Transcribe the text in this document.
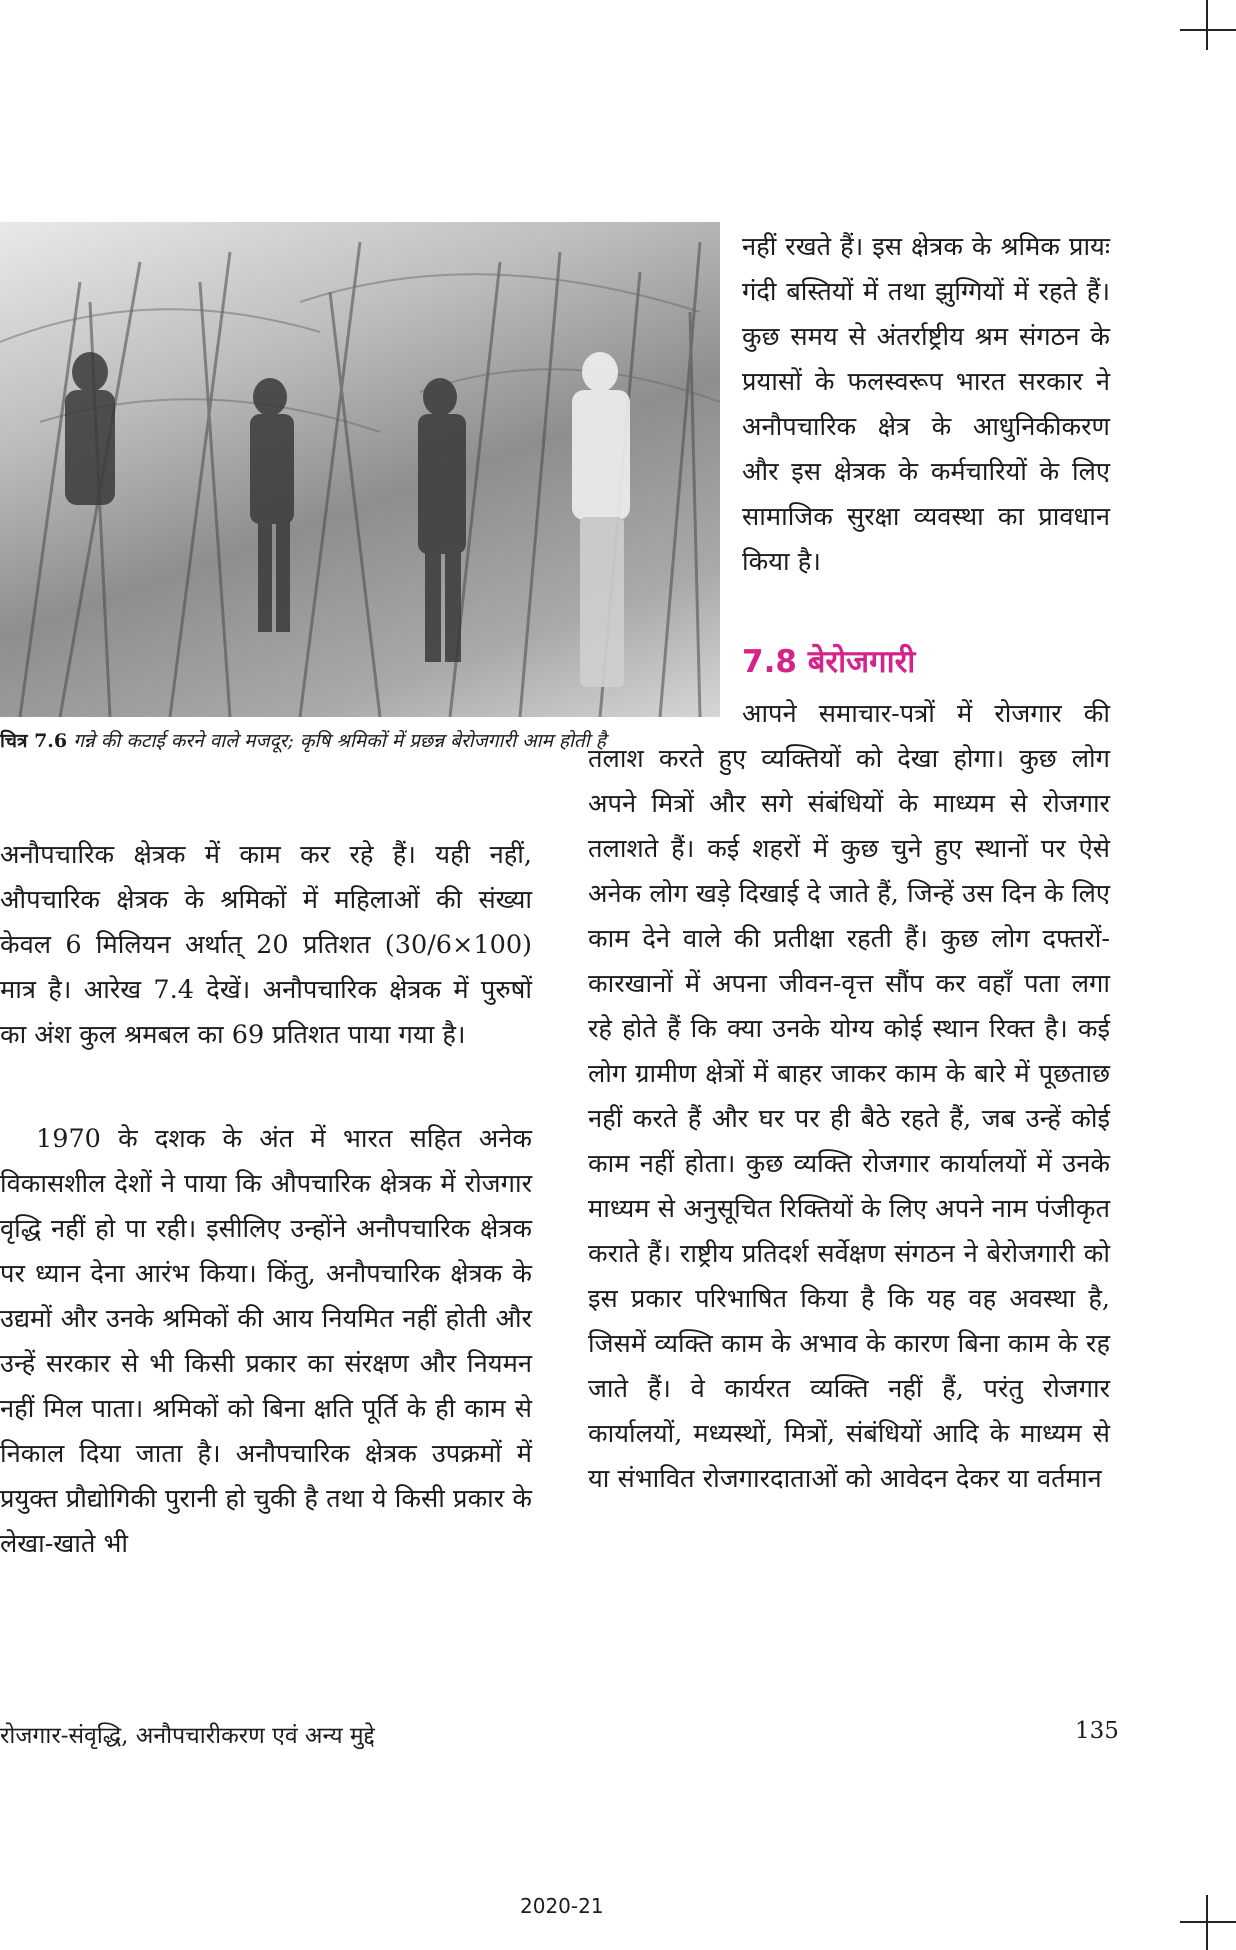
चित्र 7.6 गन्ने की कटाई करने वाले मजदूर; कृषि श्रमिकों में प्रछन्न बेरोजगारी आम होती है

नहीं रखते हैं। इस क्षेत्रक के श्रमिक प्रायः गंदी बस्तियों में तथा झुग्गियों में रहते हैं। कुछ समय से अंतर्राष्ट्रीय श्रम संगठन के प्रयासों के फलस्वरूप भारत सरकार ने अनौपचारिक क्षेत्र के आधुनिकीकरण और इस क्षेत्रक के कर्मचारियों के लिए सामाजिक सुरक्षा व्यवस्था का प्रावधान किया है।

7.8 बेरोजगारी

आपने समाचार-पत्रों में रोजगार की तलाश करते हुए व्यक्तियों को देखा होगा। कुछ लोग अपने मित्रों और सगे संबंधियों के माध्यम से रोजगार तलाशते हैं। कई शहरों में कुछ चुने हुए स्थानों पर ऐसे अनेक लोग खड़े दिखाई दे जाते हैं, जिन्हें उस दिन के लिए काम देने वाले की प्रतीक्षा रहती हैं। कुछ लोग दफ्तरों-कारखानों में अपना जीवन-वृत्त सौंप कर वहाँ पता लगा रहे होते हैं कि क्या उनके योग्य कोई स्थान रिक्त है। कई लोग ग्रामीण क्षेत्रों में बाहर जाकर काम के बारे में पूछताछ नहीं करते हैं और घर पर ही बैठे रहते हैं, जब उन्हें कोई काम नहीं होता। कुछ व्यक्ति रोजगार कार्यालयों में उनके माध्यम से अनुसूचित रिक्तियों के लिए अपने नाम पंजीकृत कराते हैं। राष्ट्रीय प्रतिदर्श सर्वेक्षण संगठन ने बेरोजगारी को इस प्रकार परिभाषित किया है कि यह वह अवस्था है, जिसमें व्यक्ति काम के अभाव के कारण बिना काम के रह जाते हैं। वे कार्यरत व्यक्ति नहीं हैं, परंतु रोजगार कार्यालयों, मध्यस्थों, मित्रों, संबंधियों आदि के माध्यम से या संभावित रोजगारदाताओं को आवेदन देकर या वर्तमान

अनौपचारिक क्षेत्रक में काम कर रहे हैं। यही नहीं, औपचारिक क्षेत्रक के श्रमिकों में महिलाओं की संख्या केवल 6 मिलियन अर्थात् 20 प्रतिशत (30/6×100) मात्र है। आरेख 7.4 देखें। अनौपचारिक क्षेत्रक में पुरुषों का अंश कुल श्रमबल का 69 प्रतिशत पाया गया है।

1970 के दशक के अंत में भारत सहित अनेक विकासशील देशों ने पाया कि औपचारिक क्षेत्रक में रोजगार वृद्धि नहीं हो पा रही। इसीलिए उन्होंने अनौपचारिक क्षेत्रक पर ध्यान देना आरंभ किया। किंतु, अनौपचारिक क्षेत्रक के उद्यमों और उनके श्रमिकों की आय नियमित नहीं होती और उन्हें सरकार से भी किसी प्रकार का संरक्षण और नियमन नहीं मिल पाता। श्रमिकों को बिना क्षति पूर्ति के ही काम से निकाल दिया जाता है। अनौपचारिक क्षेत्रक उपक्रमों में प्रयुक्त प्रौद्योगिकी पुरानी हो चुकी है तथा ये किसी प्रकार के लेखा-खाते भी

रोजगार-संवृद्धि, अनौपचारीकरण एवं अन्य मुद्दे	135
2020-21
